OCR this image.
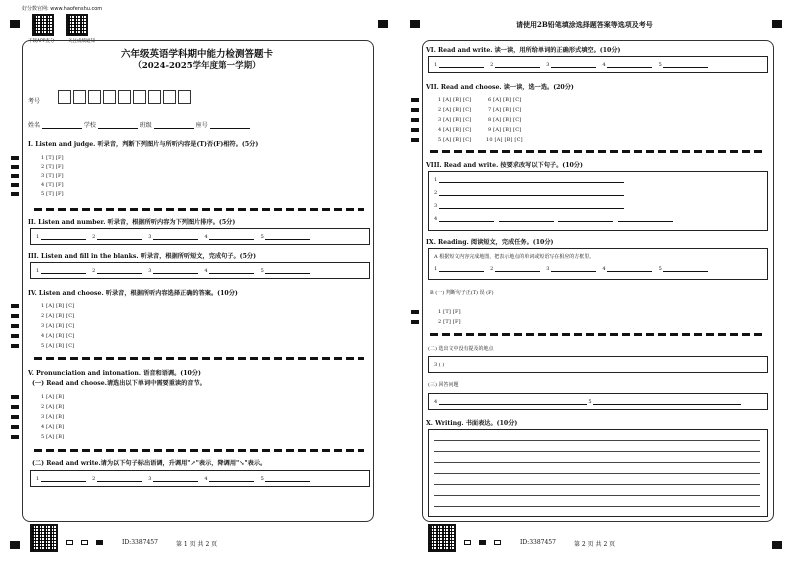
好分数官网: www.haofenshu.com
下载APP查分	关注成绩通知
六年级英语学科期中能力检测答题卡
（2024-2025学年度第一学期）
考号
姓名	学校	班级	座号
I. Listen and judge. 听录音，判断下列图片与所听内容是(T)否(F)相符。(5分)
1 [T] [F]
2 [T] [F]
3 [T] [F]
4 [T] [F]
5 [T] [F]
II. Listen and number. 听录音，根据所听内容为下列图片排序。(5分)
1	2	3	4	5
III. Listen and fill in the blanks. 听录音，根据所听短文，完成句子。(5分)
1	2	3	4	5
IV. Listen and choose. 听录音，根据所听内容选择正确的答案。(10分)
1 [A] [B] [C]
2 [A] [B] [C]
3 [A] [B] [C]
4 [A] [B] [C]
5 [A] [B] [C]
V. Pronunciation and intonation. 语音和语调。(10分)
(一) Read and choose.请选出以下单词中需要重读的音节。
1 [A] [B]
2 [A] [B]
3 [A] [B]
4 [A] [B]
5 [A] [B]
(二) Read and write.请为以下句子标出语调，升调用"↗"表示，降调用"↘"表示。
1	2	3	4	5
ID:3387457	第 1 页 共 2 页
请使用2B铅笔填涂选择题答案等选项及考号
VI. Read and write. 读一读，用所给单词的正确形式填空。(10分)
1	2	3	4	5
VII. Read and choose. 读一读，选一选。(20分)
1 [A] [B] [C]
2 [A] [B] [C]
3 [A] [B] [C]
4 [A] [B] [C]
5 [A] [B] [C]
6 [A] [B] [C]
7 [A] [B] [C]
8 [A] [B] [C]
9 [A] [B] [C]
10 [A] [B] [C]
VIII. Read and write. 按要求改写以下句子。(10分)
1
2
3
4
IX. Reading. 阅读短文，完成任务。(10分)
A 根据短文内容完成地图，把表示地点的单词或短语写在相应的方框里。
1	2	3	4	5
B (一) 判断句子正(T) 误 (F)
1 [T] [F]
2 [T] [F]
(二) 选出文中没有提及的地点
3 ( )
(三) 回答问题
4	5
X. Writing. 书面表达。(10分)
ID:3387457	第 2 页 共 2 页
